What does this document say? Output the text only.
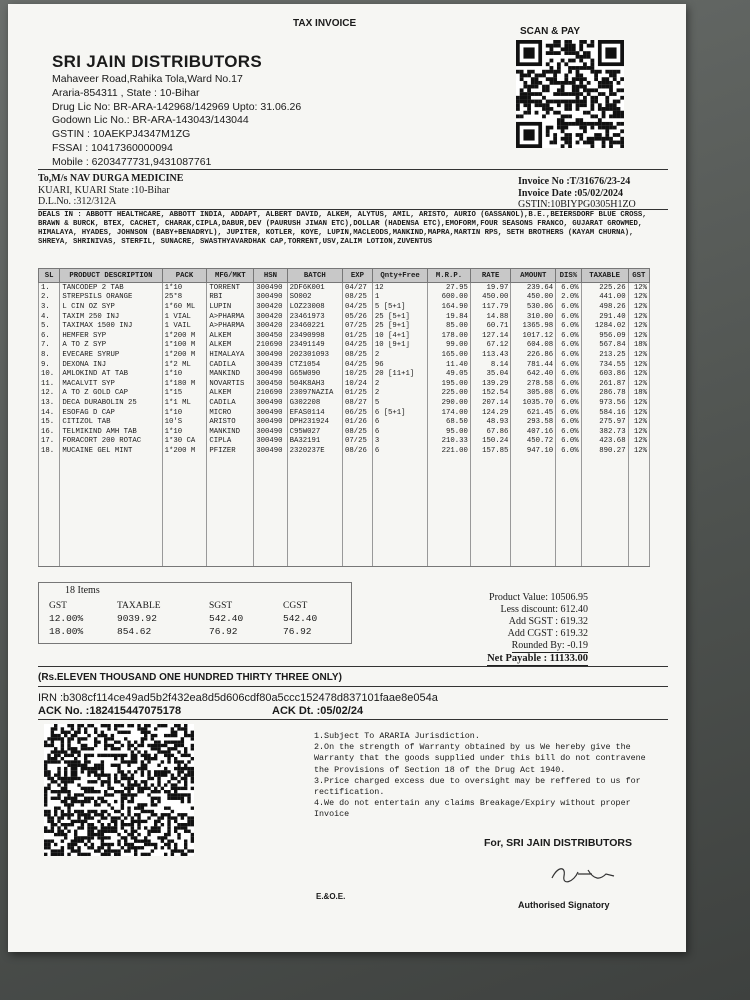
TAX INVOICE
SCAN & PAY
SRI JAIN DISTRIBUTORS
Mahaveer Road,Rahika Tola,Ward No.17
Araria-854311 , State : 10-Bihar
Drug Lic No: BR-ARA-142968/142969 Upto: 31.06.26
Godown Lic No.: BR-ARA-143043/143044
GSTIN : 10AEKPJ4347M1ZG
FSSAI : 10417360000094
Mobile : 6203477731,9431087761
To,M/s NAV DURGA MEDICINE
KUARI, KUARI State :10-Bihar
D.L.No. :312/312A
Invoice No :T/31676/23-24
Invoice Date :05/02/2024
GSTIN:10BIYPG0305H1ZO
DEALS IN : ABBOTT HEALTHCARE, ABBOTT INDIA, ADDAPT, ALBERT DAVID, ALKEM, ALYTUS, AMIL, ARISTO, AURIO (GASSANOL),B.E.,BEIERSDORF BLUE CROSS, BRAWN & BURCK, BTEX, CACHET, CHARAK,CIPLA,DABUR,DEV (PAURUSH JIWAN ETC),DOLLAR (HADENSA ETC),EMOFORM,FOUR SEASONS FRANCO, GUJARAT GROWMED, HIMALAYA, HYADES, JOHNSON (BABY+BENADRYL), JUPITER, KOTLER, KOYE, LUPIN,MACLEODS,MANKIND,MAPRA,MARTIN RPS, SETH BROTHERS (KAYAM CHURNA), SHREYA, SHRINIVAS, STERFIL, SUNACRE, SWASTHYAVARDHAK CAP,TORRENT,USV,ZALIM LOTION,ZUVENTUS
SL	PRODUCT DESCRIPTION	PACK	MFG/MKT	HSN	BATCH	EXP	Qnty+Free	M.R.P.	RATE	AMOUNT	DIS%	TAXABLE	GST
1.	TANCODEP 2 TAB	1*10	TORRENT	300490	2DF6K001	04/27	12	27.95	19.97	239.64	6.0%	225.26	12%
2.	STREPSILS ORANGE	25*8	RBI	300490	SO002	08/25	1	600.00	450.00	450.00	2.0%	441.00	12%
3.	L CIN OZ SYP	1*60 ML	LUPIN	300420	LOZ23008	04/25	5 [5+1]	164.90	117.79	530.06	6.0%	498.26	12%
4.	TAXIM 250 INJ	1 VIAL	A>PHARMA	300420	23461973	05/26	25 [5+1]	19.84	14.88	310.00	6.0%	291.40	12%
5.	TAXIMAX 1500 INJ	1 VAIL	A>PHARMA	300420	23460221	07/25	25 [9+1]	85.00	60.71	1365.98	6.0%	1284.02	12%
6.	HEMFER SYP	1*200 M	ALKEM	300450	23490998	01/25	10 [4+1]	178.00	127.14	1017.12	6.0%	956.09	12%
7.	A TO Z SYP	1*100 M	ALKEM	210690	23491149	04/25	10 [9+1]	99.00	67.12	604.08	6.0%	567.84	18%
8.	EVECARE SYRUP	1*200 M	HIMALAYA	300490	202301093	08/25	2	165.00	113.43	226.86	6.0%	213.25	12%
9.	DEXONA INJ	1*2 ML	CADILA	300439	CTZ1054	04/25	96	11.40	8.14	781.44	6.0%	734.55	12%
10.	AMLOKIND AT TAB	1*10	MANKIND	300490	G65W090	10/25	20 [11+1]	49.05	35.04	642.40	6.0%	603.86	12%
11.	MACALVIT SYP	1*180 M	NOVARTIS	300450	504K8AH3	10/24	2	195.00	139.29	278.58	6.0%	261.87	12%
12.	A TO Z GOLD CAP	1*15	ALKEM	210690	23097NAZIA	01/25	2	225.00	152.54	305.08	6.0%	286.78	18%
13.	DECA DURABOLIN 25	1*1 ML	CADILA	300490	G302208	08/27	5	290.00	207.14	1035.70	6.0%	973.56	12%
14.	ESOFAG D CAP	1*10	MICRO	300490	EFAS0114	06/25	6 [5+1]	174.00	124.29	621.45	6.0%	584.16	12%
15.	CITIZOL TAB	10'S	ARISTO	300490	DPH231924	01/26	6	68.50	48.93	293.58	6.0%	275.97	12%
16.	TELMIKIND AMH TAB	1*10	MANKIND	300490	C95W027	08/25	6	95.00	67.86	407.16	6.0%	382.73	12%
17.	FORACORT 200 ROTAC	1*30 CA	CIPLA	300490	BA32191	07/25	3	210.33	150.24	450.72	6.0%	423.68	12%
18.	MUCAINE GEL MINT	1*200 M	PFIZER	300490	2320237E	08/26	6	221.00	157.85	947.10	6.0%	890.27	12%

18 Items
GST	TAXABLE	SGST	CGST
12.00%	9039.92	542.40	542.40
18.00%	854.62	76.92	76.92
Product Value: 10506.95
Less discount: 612.40
Add SGST : 619.32
Add CGST : 619.32
Rounded By: -0.19
Net Payable : 11133.00
(Rs.ELEVEN THOUSAND ONE HUNDRED THIRTY THREE ONLY)
IRN :b308cf114ce49ad5b2f432ea8d5d606cdf80a5ccc152478d837101faae8e054a
ACK No. :182415447075178	ACK Dt. :05/02/24
1.Subject To ARARIA Jurisdiction.
2.On the strength of Warranty obtained by us We hereby give the Warranty that the goods supplied under this bill do not contravene the Provisions of Section 18 of the Drug Act 1940.
3.Price charged excess due to oversight may be reffered to us for rectification.
4.We do not entertain any claims Breakage/Expiry without proper Invoice
For, SRI JAIN DISTRIBUTORS
E.&O.E.
Authorised Signatory
